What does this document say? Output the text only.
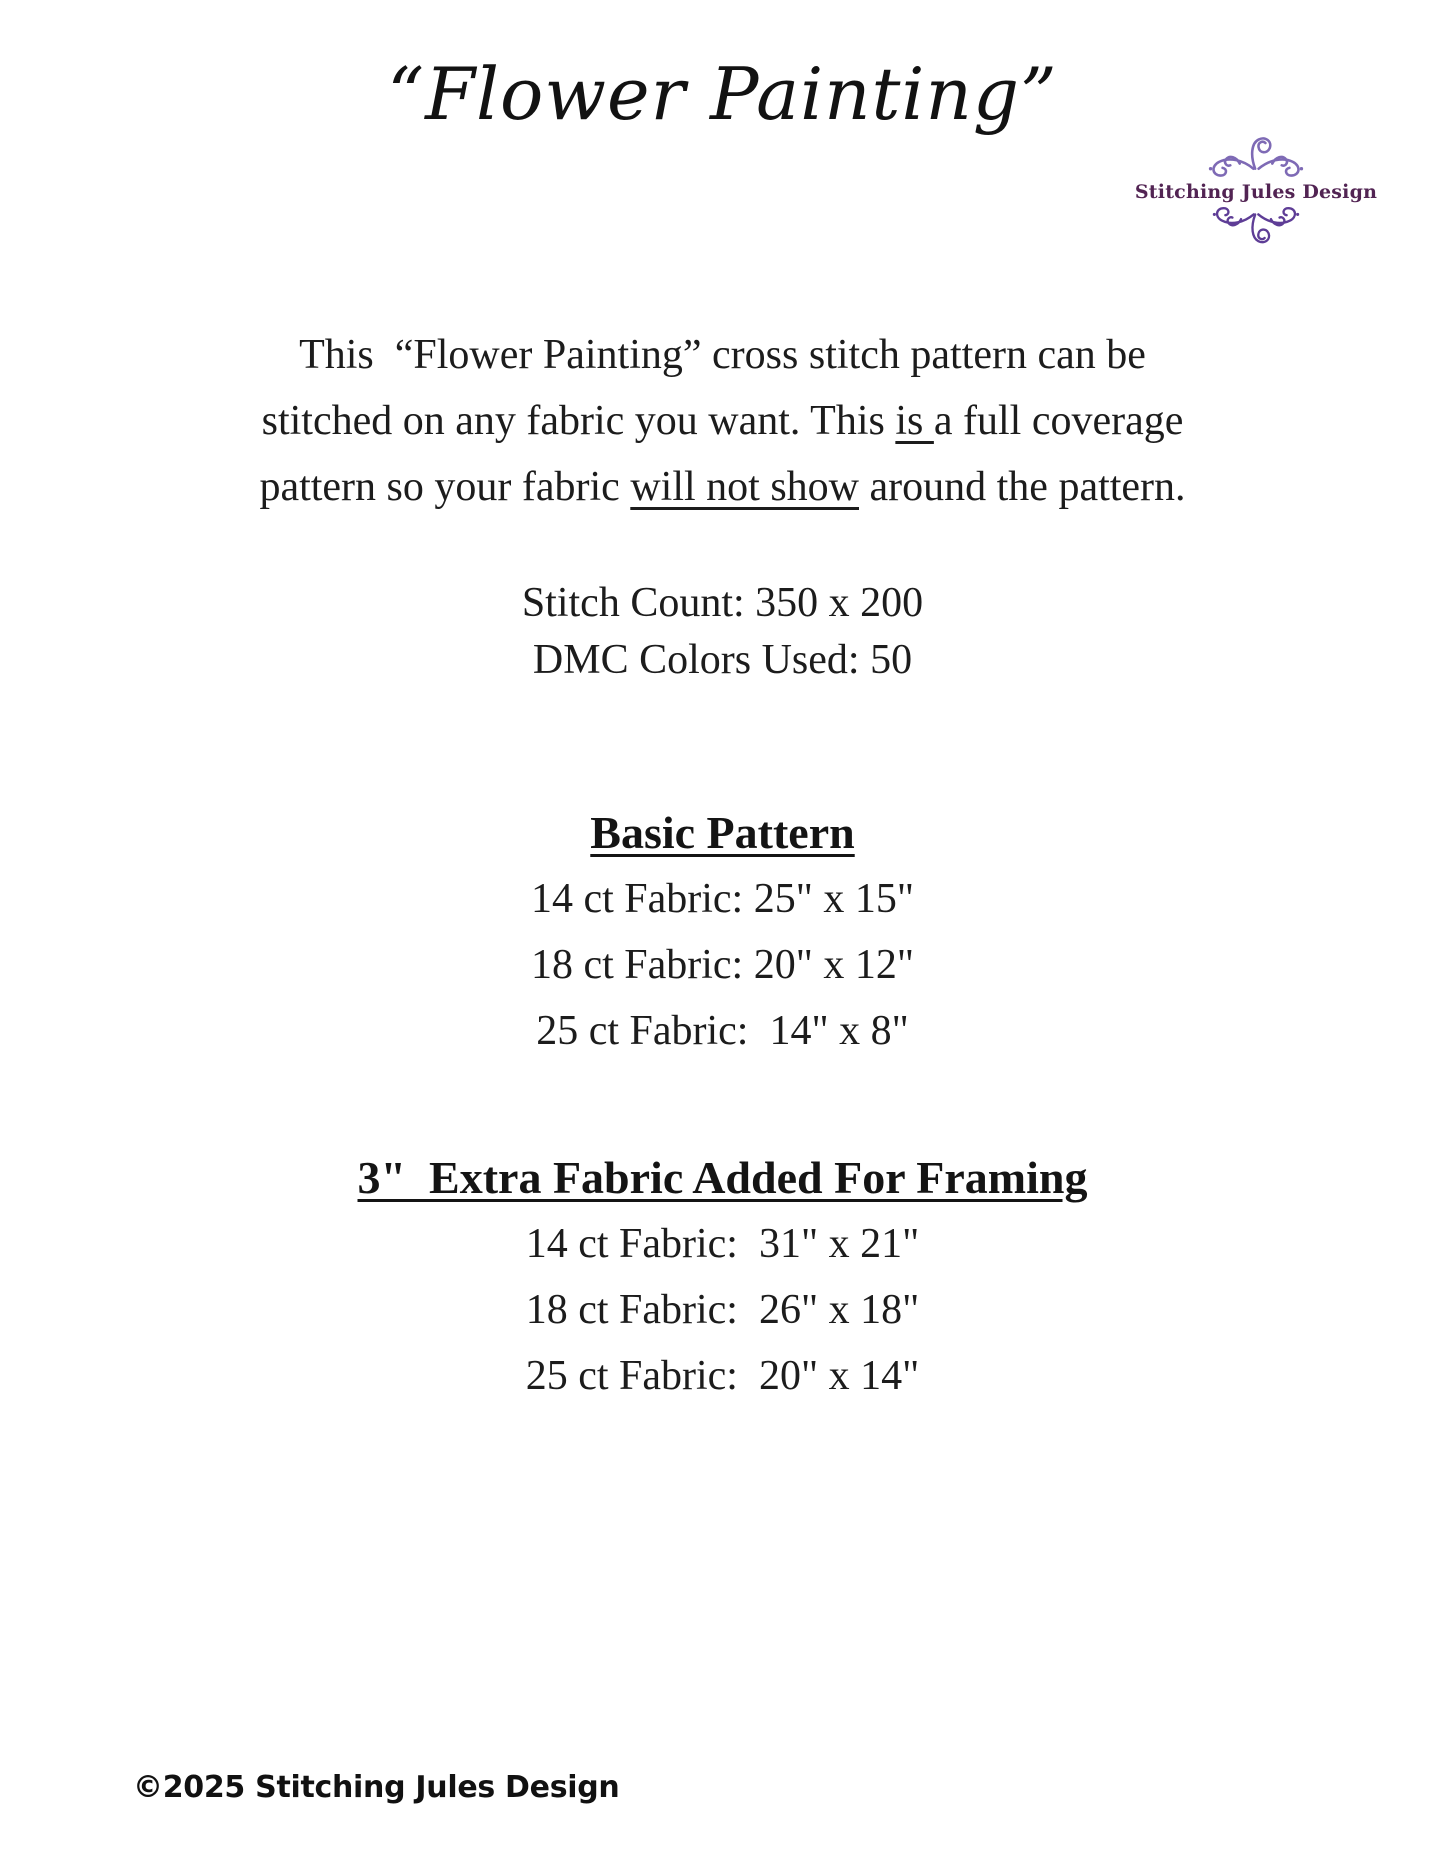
“Flower Painting”
Stitching Jules Design

This  “Flower Painting” cross stitch pattern can be
stitched on any fabric you want. This is a full coverage
pattern so your fabric will not show around the pattern.

Stitch Count: 350 x 200
DMC Colors Used: 50
Basic Pattern
14 ct Fabric: 25" x 15"
18 ct Fabric: 20" x 12"
25 ct Fabric:  14" x 8"
3"  Extra Fabric Added For Framing
14 ct Fabric:  31" x 21"
18 ct Fabric:  26" x 18"
25 ct Fabric:  20" x 14"
©2025 Stitching Jules Design
